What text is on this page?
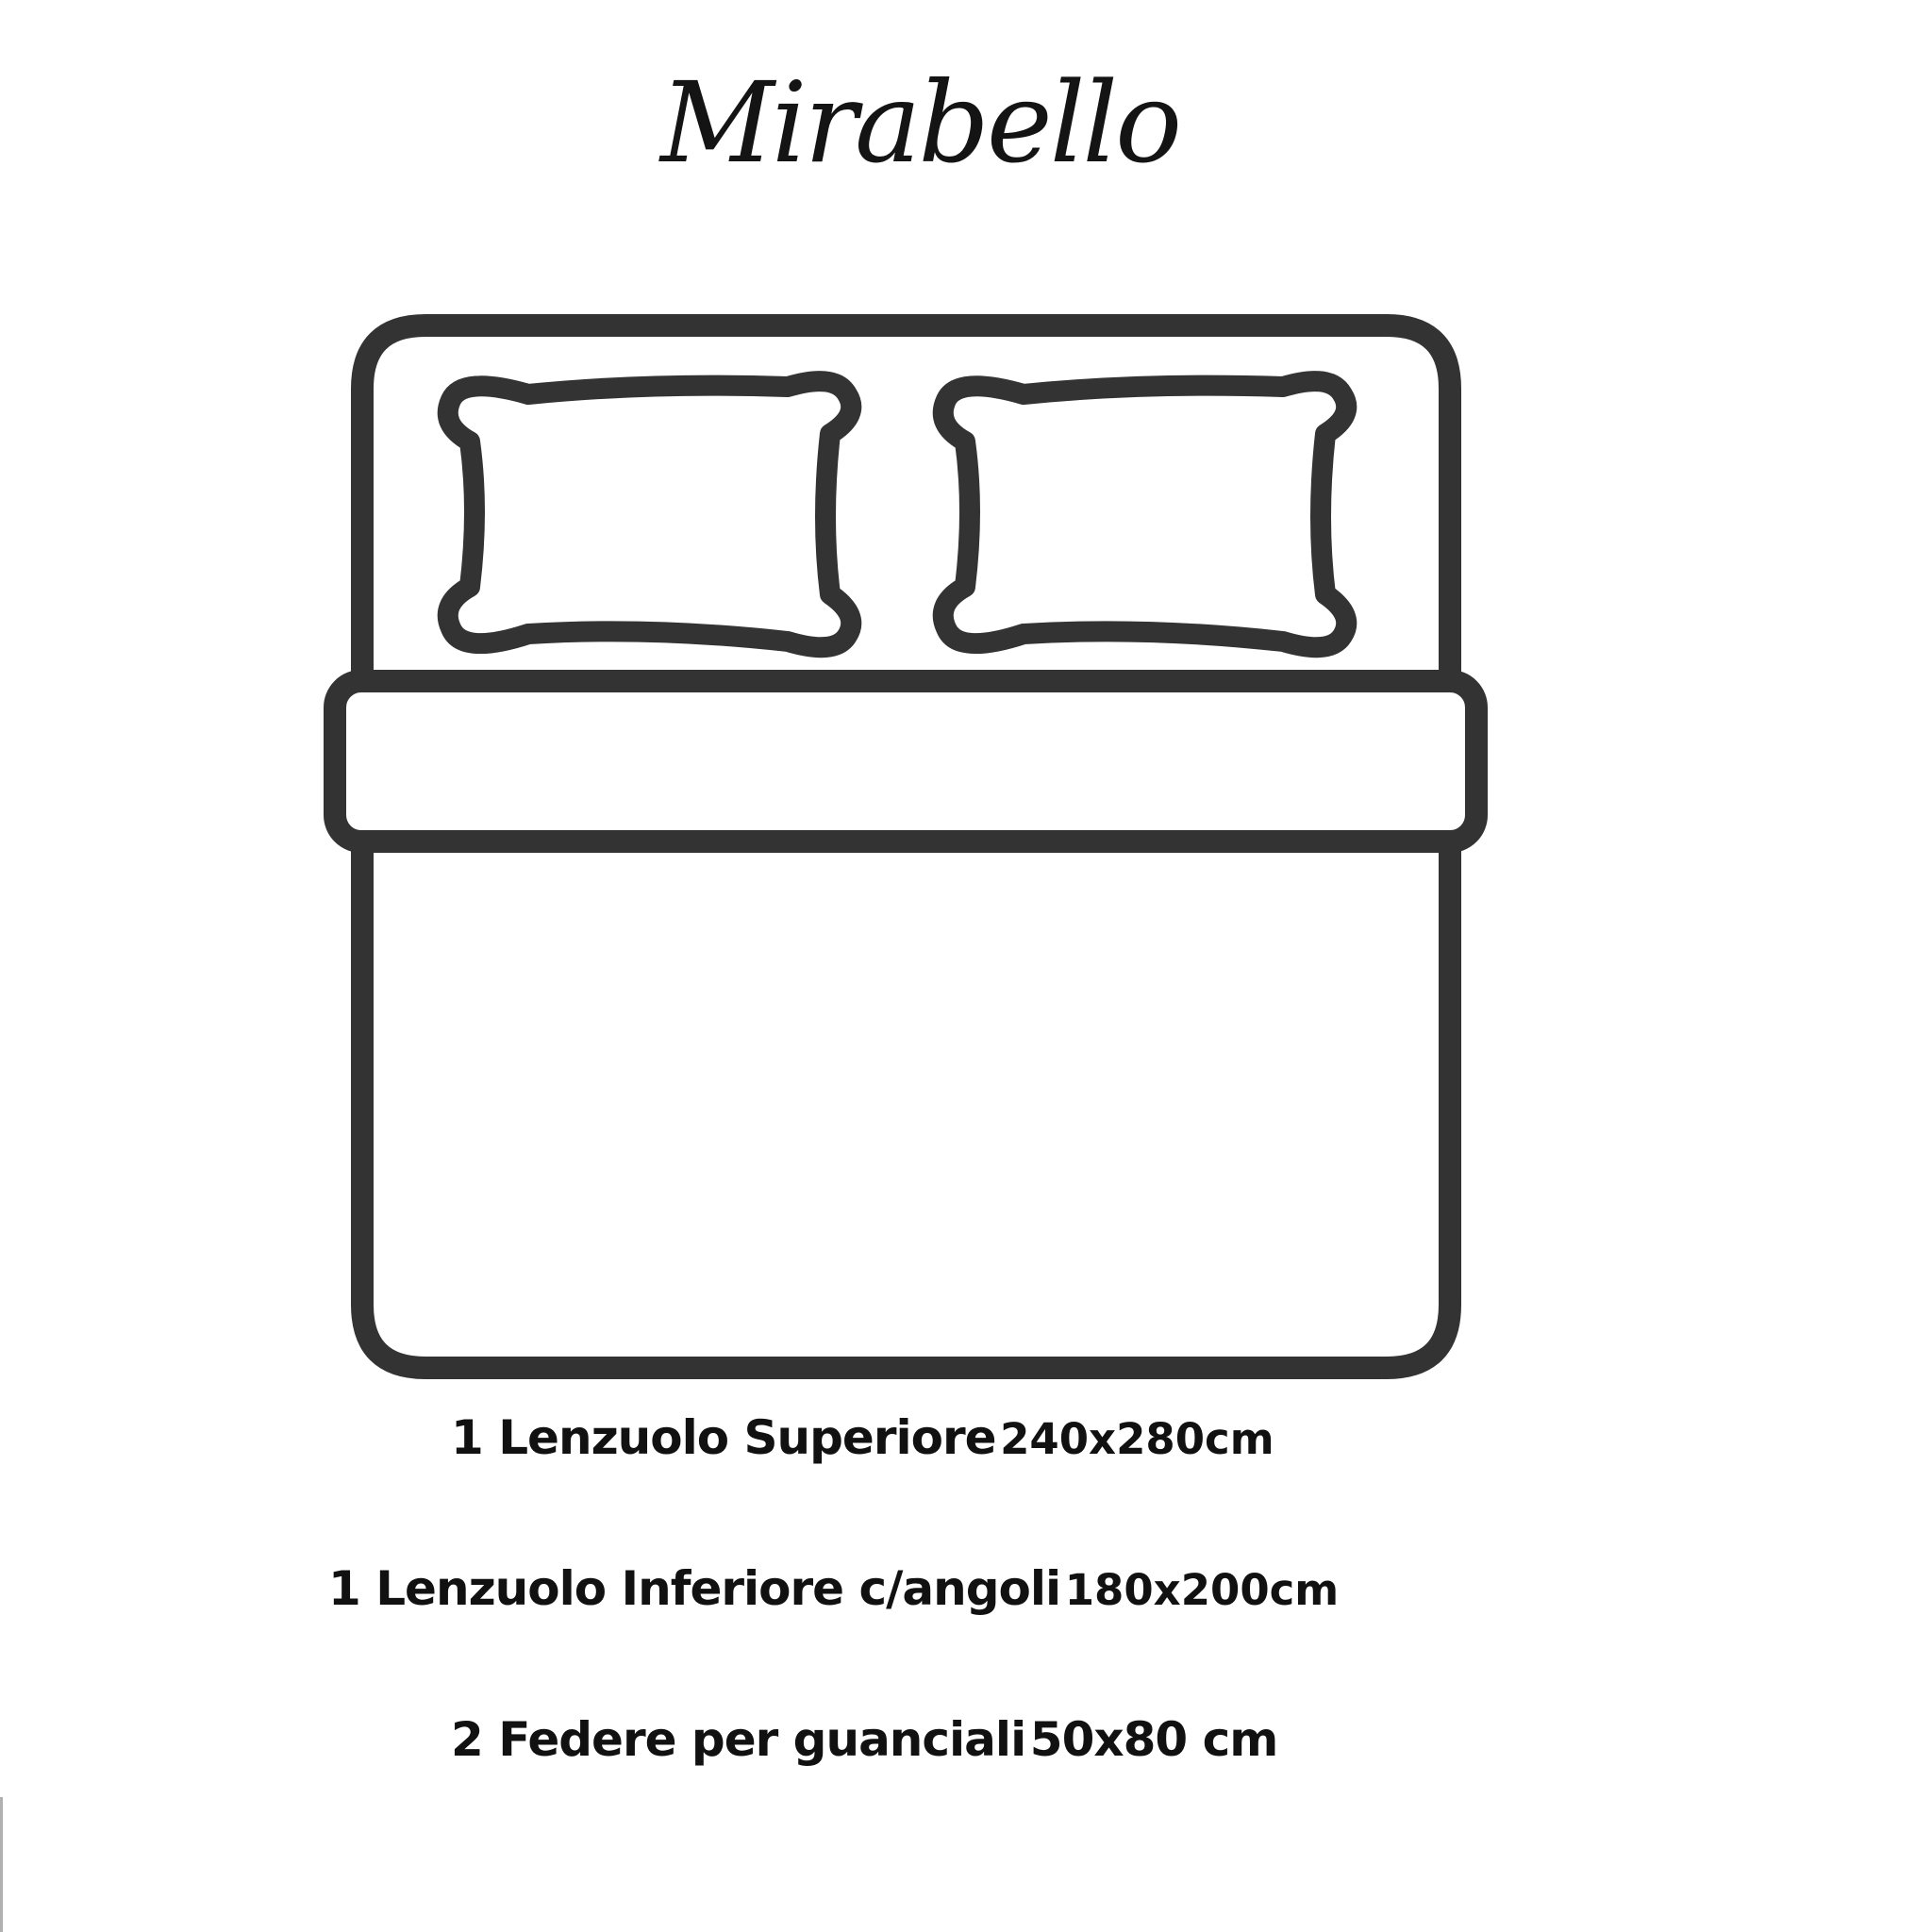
Mirabello
1 Lenzuolo Superiore 240x280cm
1 Lenzuolo Inferiore c/angoli 180x200cm
2 Federe per guanciali 50x80 cm
